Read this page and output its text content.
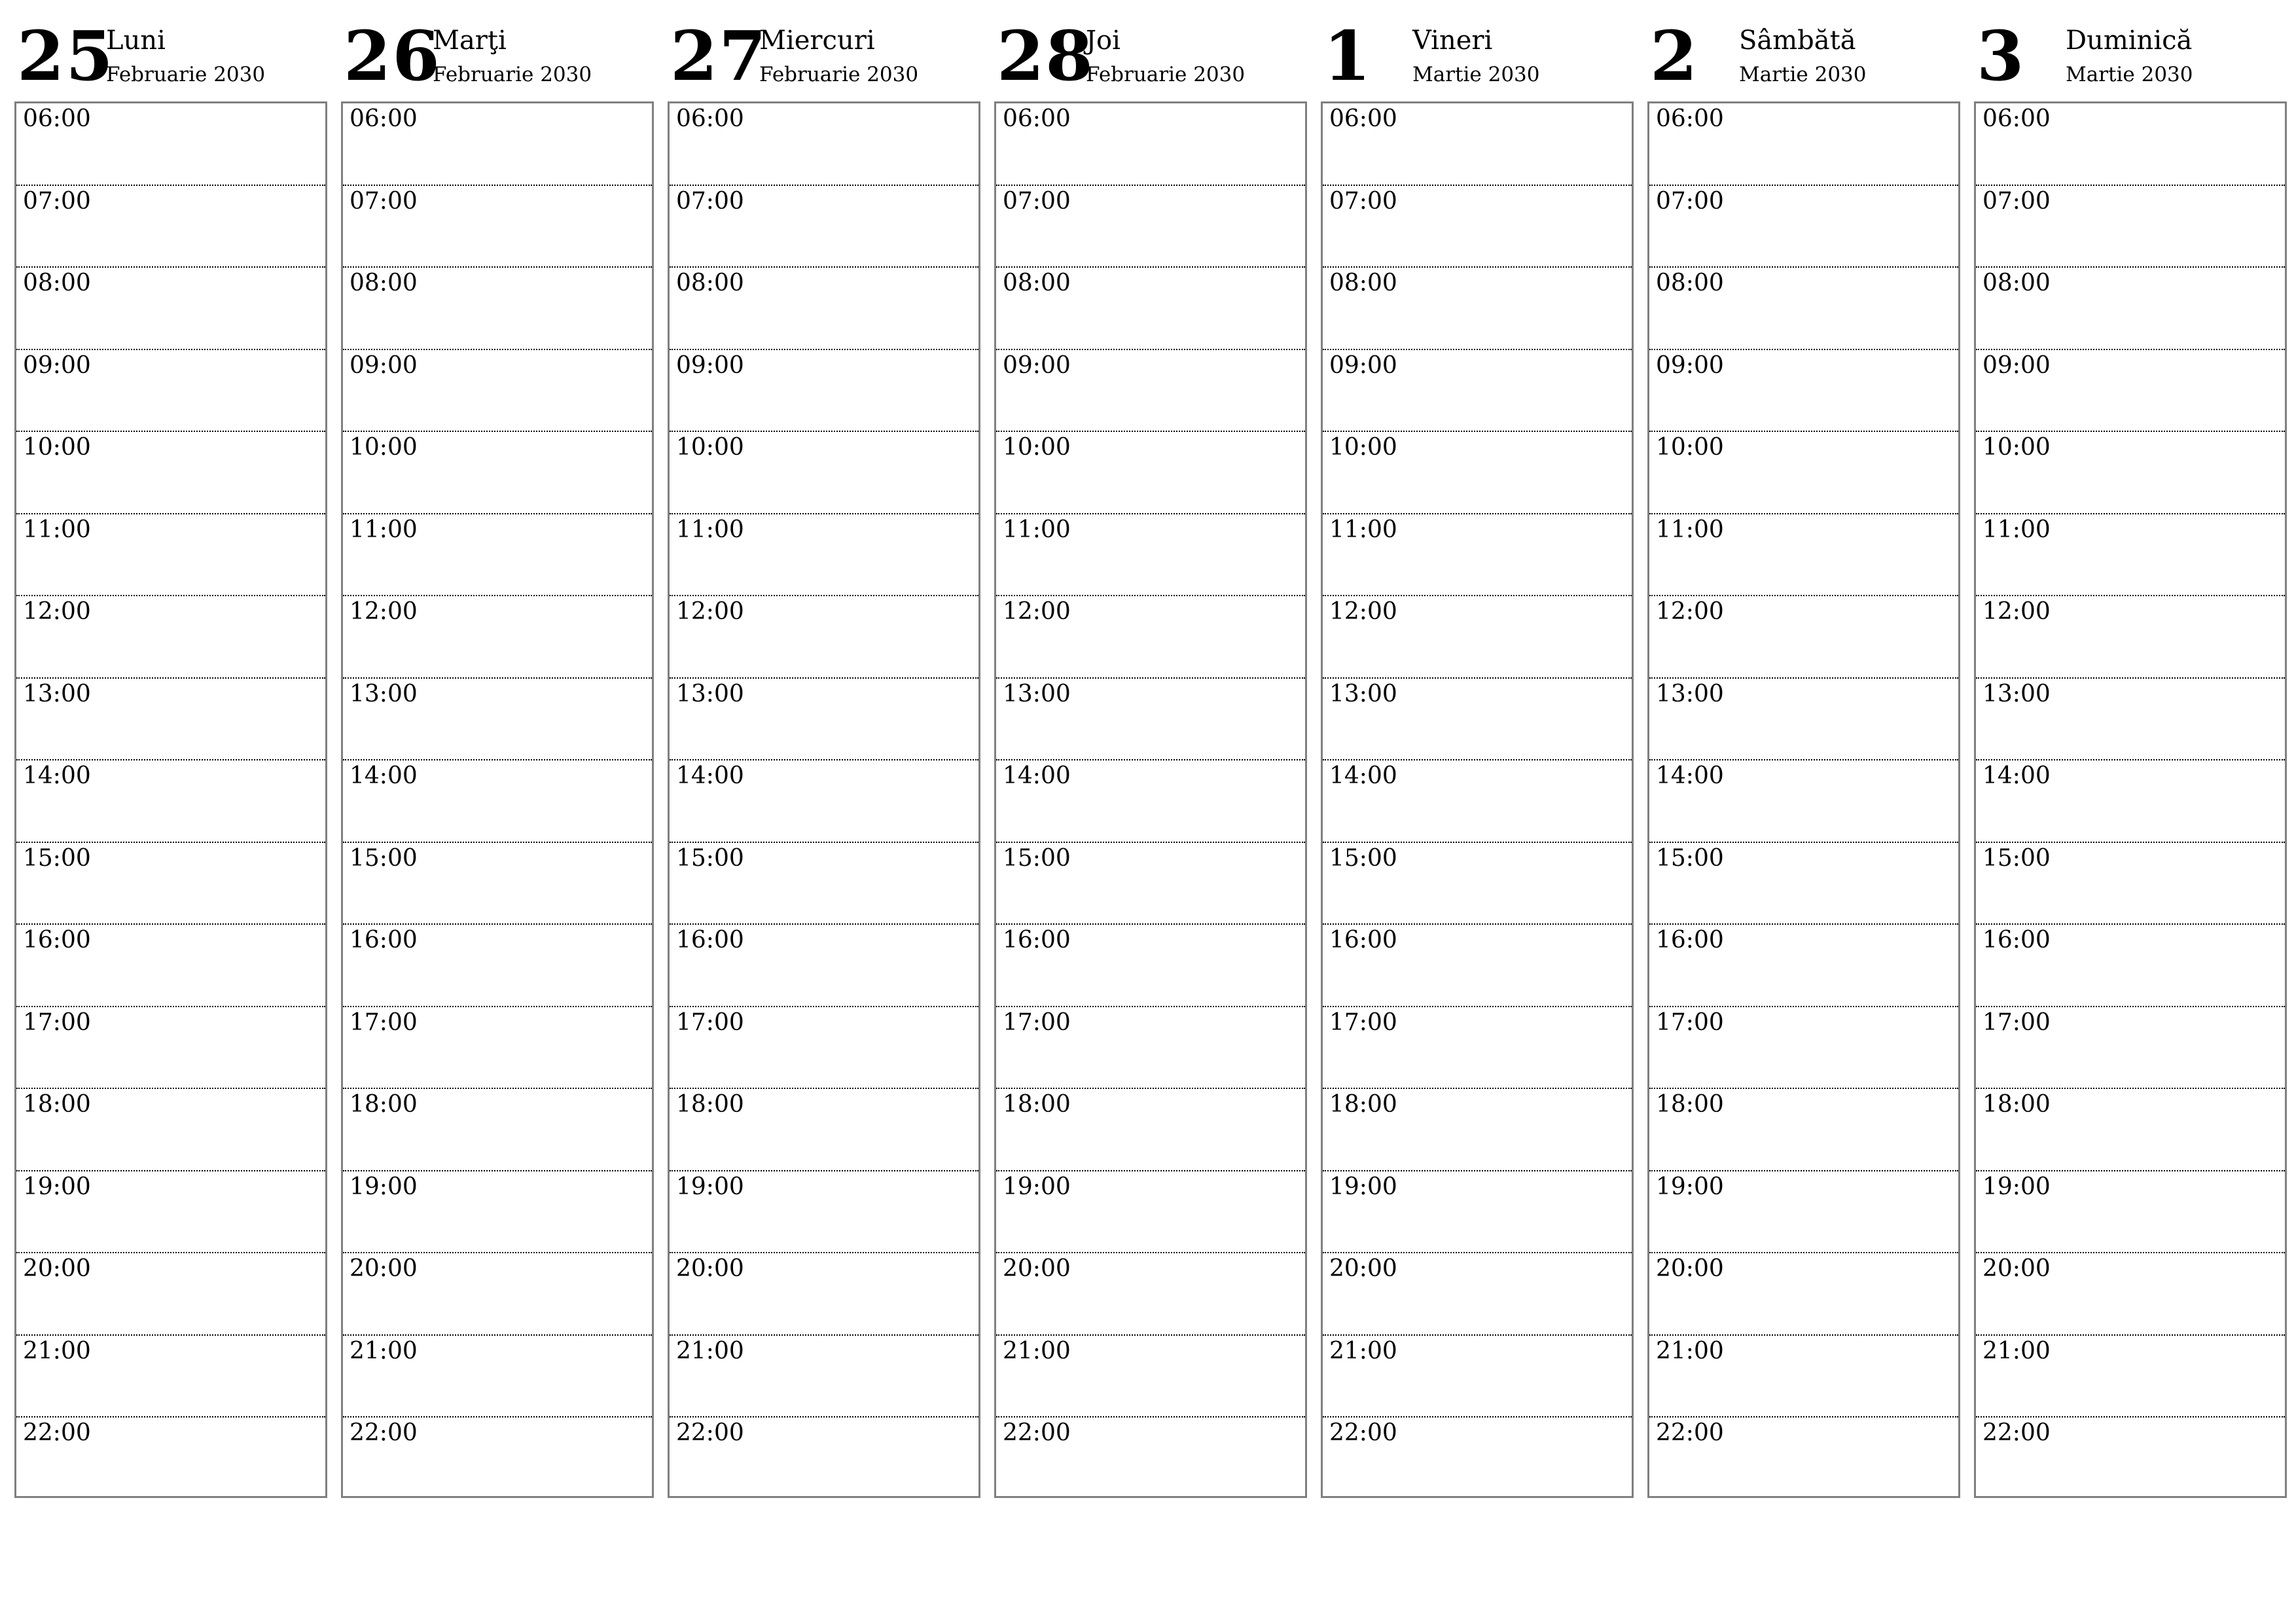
25
Luni
Februarie 2030
06:00
07:00
08:00
09:00
10:00
11:00
12:00
13:00
14:00
15:00
16:00
17:00
18:00
19:00
20:00
21:00
22:00
26
Marţi
Februarie 2030
06:00
07:00
08:00
09:00
10:00
11:00
12:00
13:00
14:00
15:00
16:00
17:00
18:00
19:00
20:00
21:00
22:00
27
Miercuri
Februarie 2030
06:00
07:00
08:00
09:00
10:00
11:00
12:00
13:00
14:00
15:00
16:00
17:00
18:00
19:00
20:00
21:00
22:00
28
Joi
Februarie 2030
06:00
07:00
08:00
09:00
10:00
11:00
12:00
13:00
14:00
15:00
16:00
17:00
18:00
19:00
20:00
21:00
22:00
1 Vineri
Martie 2030
06:00
07:00
08:00
09:00
10:00
11:00
12:00
13:00
14:00
15:00
16:00
17:00
18:00
19:00
20:00
21:00
22:00
2 Sâmbătă
Martie 2030
06:00
07:00
08:00
09:00
10:00
11:00
12:00
13:00
14:00
15:00
16:00
17:00
18:00
19:00
20:00
21:00
22:00
3 Duminică
Martie 2030
06:00
07:00
08:00
09:00
10:00
11:00
12:00
13:00
14:00
15:00
16:00
17:00
18:00
19:00
20:00
21:00
22:00
